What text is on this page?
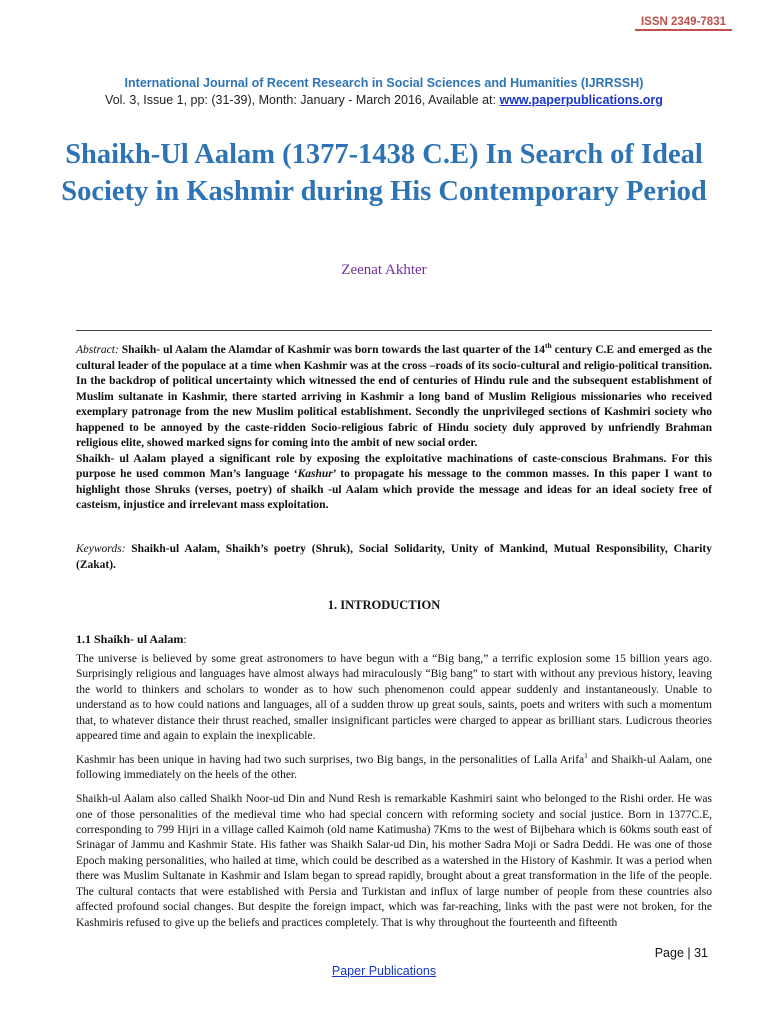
ISSN 2349-7831
International Journal of Recent Research in Social Sciences and Humanities (IJRRSSH)
Vol. 3, Issue 1, pp: (31-39), Month: January - March 2016, Available at: www.paperpublications.org
Shaikh-Ul Aalam (1377-1438 C.E) In Search of Ideal Society in Kashmir during His Contemporary Period
Zeenat Akhter

Abstract: Shaikh- ul Aalam the Alamdar of Kashmir was born towards the last quarter of the 14th century C.E and emerged as the cultural leader of the populace at a time when Kashmir was at the cross –roads of its socio-cultural and religio-political transition. In the backdrop of political uncertainty which witnessed the end of centuries of Hindu rule and the subsequent establishment of Muslim sultanate in Kashmir, there started arriving in Kashmir a long band of Muslim Religious missionaries who received exemplary patronage from the new Muslim political establishment. Secondly the unprivileged sections of Kashmiri society who happened to be annoyed by the caste-ridden Socio-religious fabric of Hindu society duly approved by unfriendly Brahman religious elite, showed marked signs for coming into the ambit of new social order.

Shaikh- ul Aalam played a significant role by exposing the exploitative machinations of caste-conscious Brahmans. For this purpose he used common Man’s language ‘Kashur’ to propagate his message to the common masses. In this paper I want to highlight those Shruks (verses, poetry) of shaikh -ul Aalam which provide the message and ideas for an ideal society free of casteism, injustice and irrelevant mass exploitation.

Keywords: Shaikh-ul Aalam, Shaikh’s poetry (Shruk), Social Solidarity, Unity of Mankind, Mutual Responsibility, Charity (Zakat).
1. INTRODUCTION
1.1 Shaikh- ul Aalam:

The universe is believed by some great astronomers to have begun with a “Big bang,” a terrific explosion some 15 billion years ago. Surprisingly religious and languages have almost always had miraculously “Big bang” to start with without any previous history, leaving the world to thinkers and scholars to wonder as to how such phenomenon could appear suddenly and instantaneously. Unable to understand as to how could nations and languages, all of a sudden throw up great souls, saints, poets and writers with such a momentum that, to whatever distance their thrust reached, smaller insignificant particles were charged to appear as brilliant stars. Ludicrous theories appeared time and again to explain the inexplicable.

Kashmir has been unique in having had two such surprises, two Big bangs, in the personalities of Lalla Arifa$^1$ and Shaikh-ul Aalam, one following immediately on the heels of the other.

Shaikh-ul Aalam also called Shaikh Noor-ud Din and Nund Resh is remarkable Kashmiri saint who belonged to the Rishi order. He was one of those personalities of the medieval time who had special concern with reforming society and social justice. Born in 1377C.E, corresponding to 799 Hijri in a village called Kaimoh (old name Katimusha) 7Kms to the west of Bijbehara which is 60kms south east of Srinagar of Jammu and Kashmir State. His father was Shaikh Salar-ud Din, his mother Sadra Moji or Sadra Deddi. He was one of those Epoch making personalities, who hailed at time, which could be described as a watershed in the History of Kashmir. It was a period when there was Muslim Sultanate in Kashmir and Islam began to spread rapidly, brought about a great transformation in the life of the people. The cultural contacts that were established with Persia and Turkistan and influx of large number of people from these countries also affected profound social changes. But despite the foreign impact, which was far-reaching, links with the past were not broken, for the Kashmiris refused to give up the beliefs and practices completely. That is why throughout the fourteenth and fifteenth

Page | 31
Paper Publications
